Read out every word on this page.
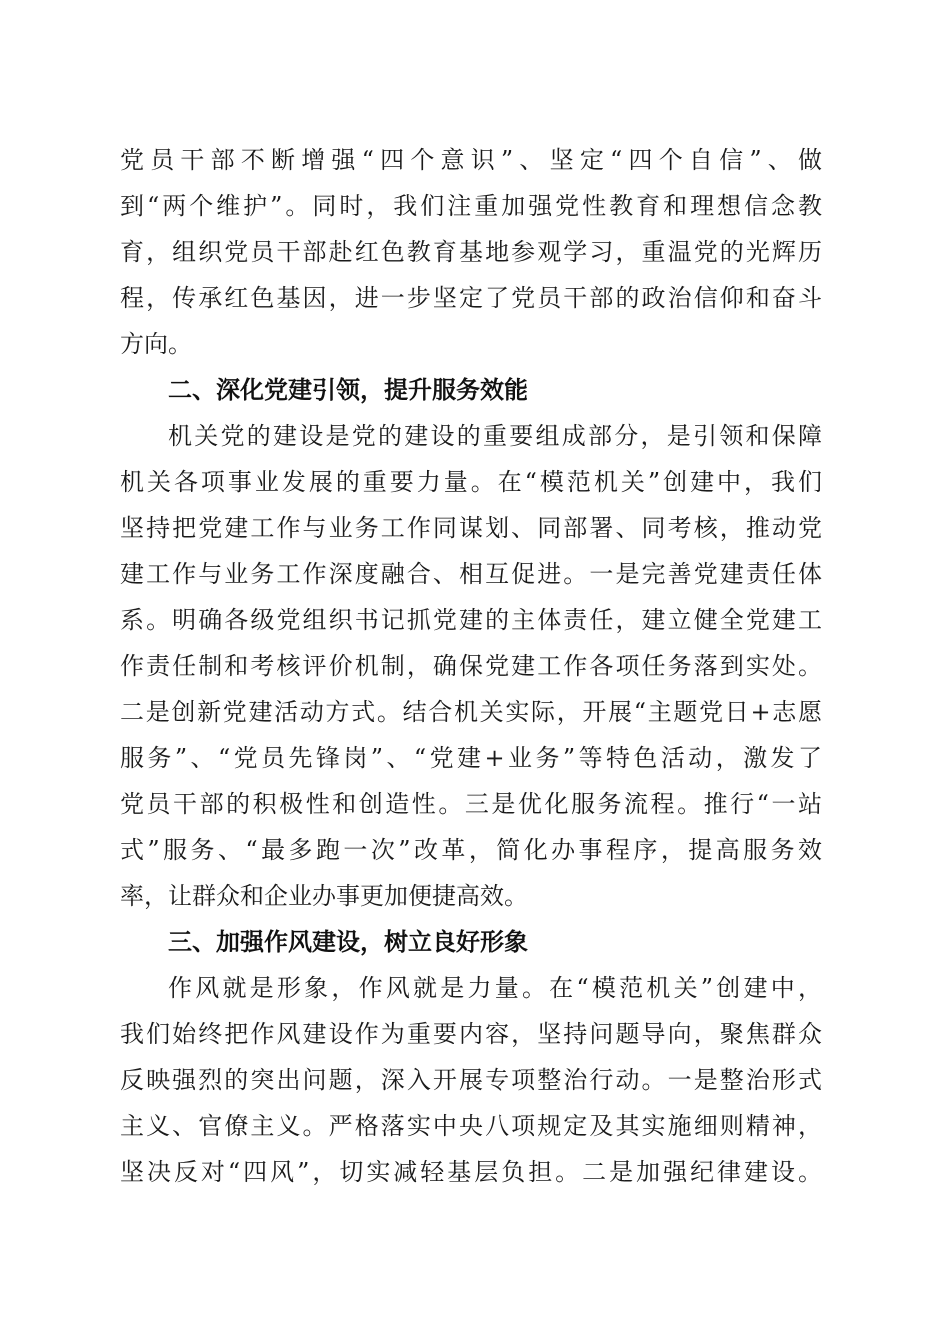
党员干部不断增强“四个意识”、坚定“四个自信”、做
到“两个维护”。同时，我们注重加强党性教育和理想信念教
育，组织党员干部赴红色教育基地参观学习，重温党的光辉历
程，传承红色基因，进一步坚定了党员干部的政治信仰和奋斗
方向。
二、深化党建引领，提升服务效能
机关党的建设是党的建设的重要组成部分，是引领和保障
机关各项事业发展的重要力量。在“模范机关”创建中，我们
坚持把党建工作与业务工作同谋划、同部署、同考核，推动党
建工作与业务工作深度融合、相互促进。一是完善党建责任体
系。明确各级党组织书记抓党建的主体责任，建立健全党建工
作责任制和考核评价机制，确保党建工作各项任务落到实处。
二是创新党建活动方式。结合机关实际，开展“主题党日+志愿
服务”、“党员先锋岗”、“党建+业务”等特色活动，激发了
党员干部的积极性和创造性。三是优化服务流程。推行“一站
式”服务、“最多跑一次”改革，简化办事程序，提高服务效
率，让群众和企业办事更加便捷高效。
三、加强作风建设，树立良好形象
作风就是形象，作风就是力量。在“模范机关”创建中，
我们始终把作风建设作为重要内容，坚持问题导向，聚焦群众
反映强烈的突出问题，深入开展专项整治行动。一是整治形式
主义、官僚主义。严格落实中央八项规定及其实施细则精神，
坚决反对“四风”，切实减轻基层负担。二是加强纪律建设。
